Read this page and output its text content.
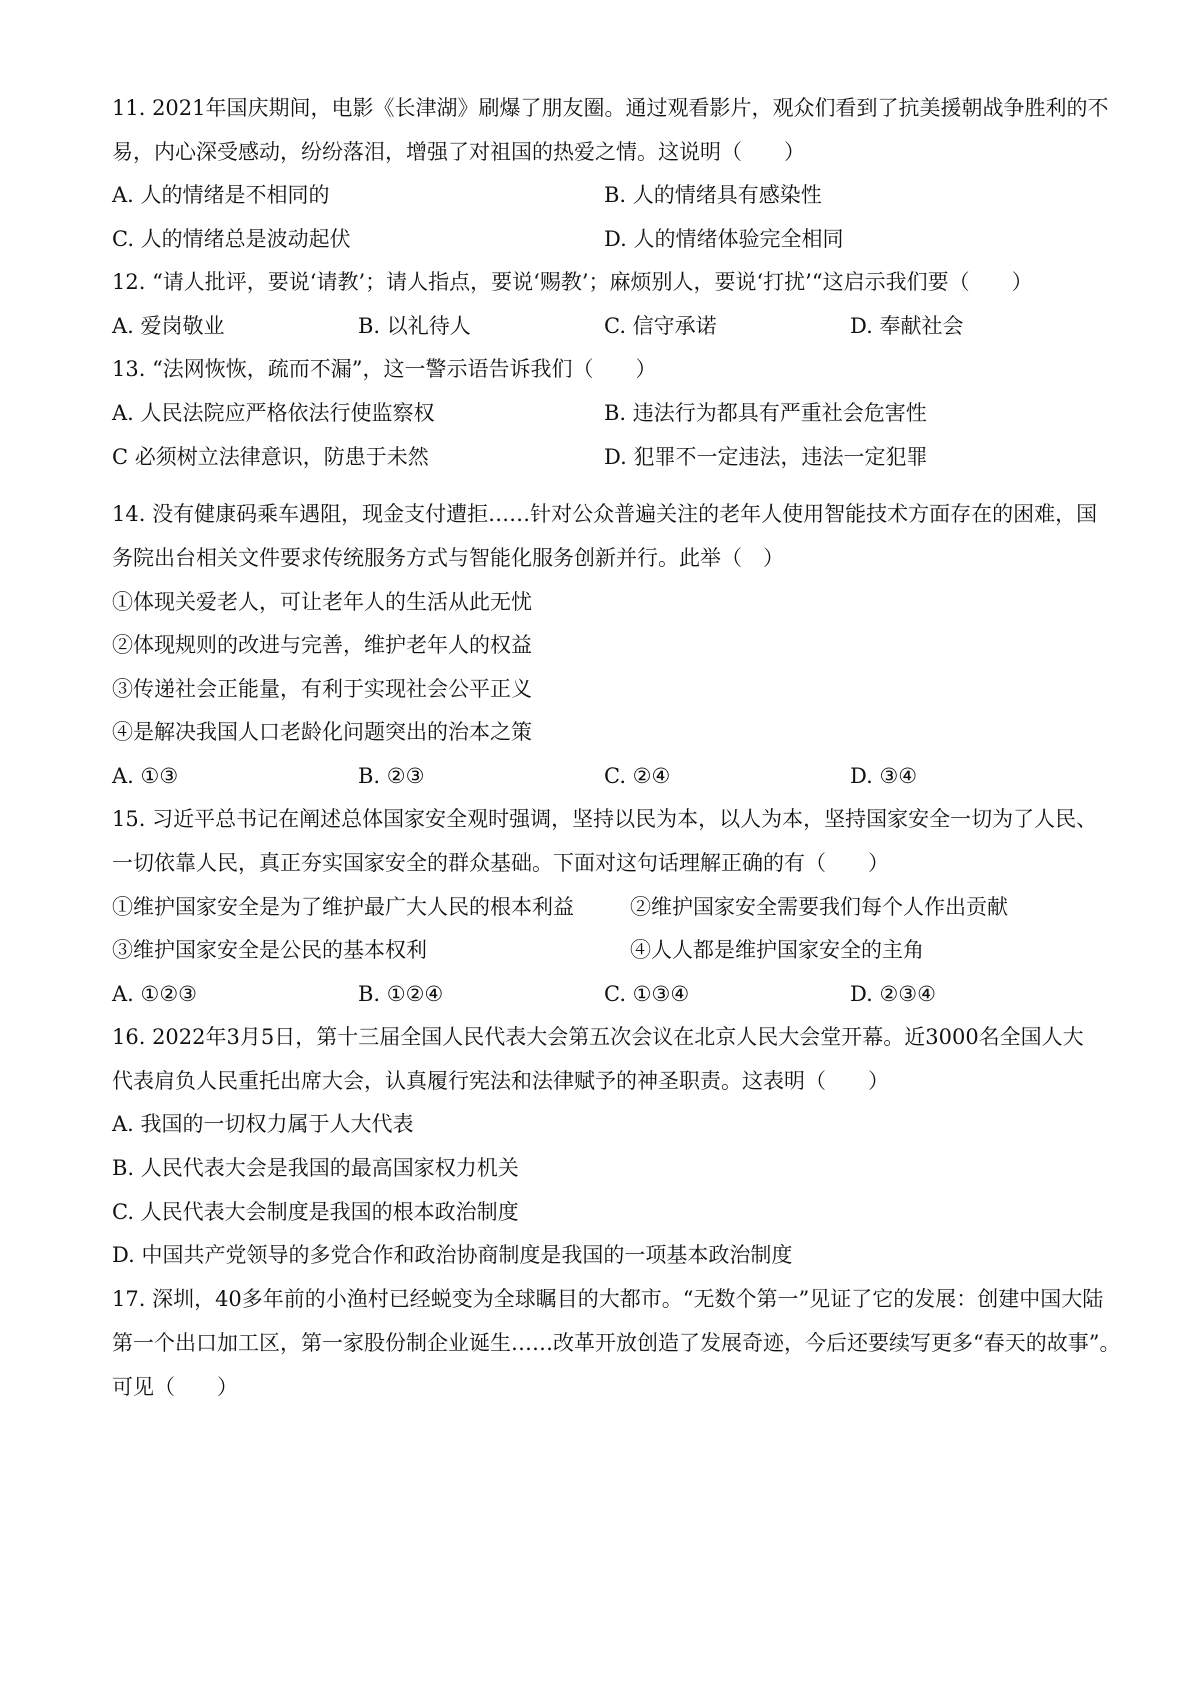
11. 2021年国庆期间，电影《长津湖》刷爆了朋友圈。通过观看影片，观众们看到了抗美援朝战争胜利的不
易，内心深受感动，纷纷落泪，增强了对祖国的热爱之情。这说明（　　）
A. 人的情绪是不相同的	B. 人的情绪具有感染性
C. 人的情绪总是波动起伏	D. 人的情绪体验完全相同
12. “请人批评，要说‘请教’；请人指点，要说‘赐教’；麻烦别人，要说‘打扰’“这启示我们要（　　）
A. 爱岗敬业	B. 以礼待人	C. 信守承诺	D. 奉献社会
13. “法网恢恢，疏而不漏”，这一警示语告诉我们（　　）
A. 人民法院应严格依法行使监察权	B. 违法行为都具有严重社会危害性
C 必须树立法律意识，防患于未然	D. 犯罪不一定违法，违法一定犯罪
14. 没有健康码乘车遇阻，现金支付遭拒……针对公众普遍关注的老年人使用智能技术方面存在的困难，国
务院出台相关文件要求传统服务方式与智能化服务创新并行。此举（　）
①体现关爱老人，可让老年人的生活从此无忧
②体现规则的改进与完善，维护老年人的权益
③传递社会正能量，有利于实现社会公平正义
④是解决我国人口老龄化问题突出的治本之策
A. ①③	B. ②③	C. ②④	D. ③④
15. 习近平总书记在阐述总体国家安全观时强调，坚持以民为本，以人为本，坚持国家安全一切为了人民、
一切依靠人民，真正夯实国家安全的群众基础。下面对这句话理解正确的有（　　）
①维护国家安全是为了维护最广大人民的根本利益	②维护国家安全需要我们每个人作出贡献
③维护国家安全是公民的基本权利	④人人都是维护国家安全的主角
A. ①②③	B. ①②④	C. ①③④	D. ②③④
16. 2022年3月5日，第十三届全国人民代表大会第五次会议在北京人民大会堂开幕。近3000名全国人大
代表肩负人民重托出席大会，认真履行宪法和法律赋予的神圣职责。这表明（　　）
A. 我国的一切权力属于人大代表
B. 人民代表大会是我国的最高国家权力机关
C. 人民代表大会制度是我国的根本政治制度
D. 中国共产党领导的多党合作和政治协商制度是我国的一项基本政治制度
17. 深圳，40多年前的小渔村已经蜕变为全球瞩目的大都市。“无数个第一”见证了它的发展：创建中国大陆
第一个出口加工区，第一家股份制企业诞生……改革开放创造了发展奇迹，今后还要续写更多“春天的故事”。
可见（　　）
